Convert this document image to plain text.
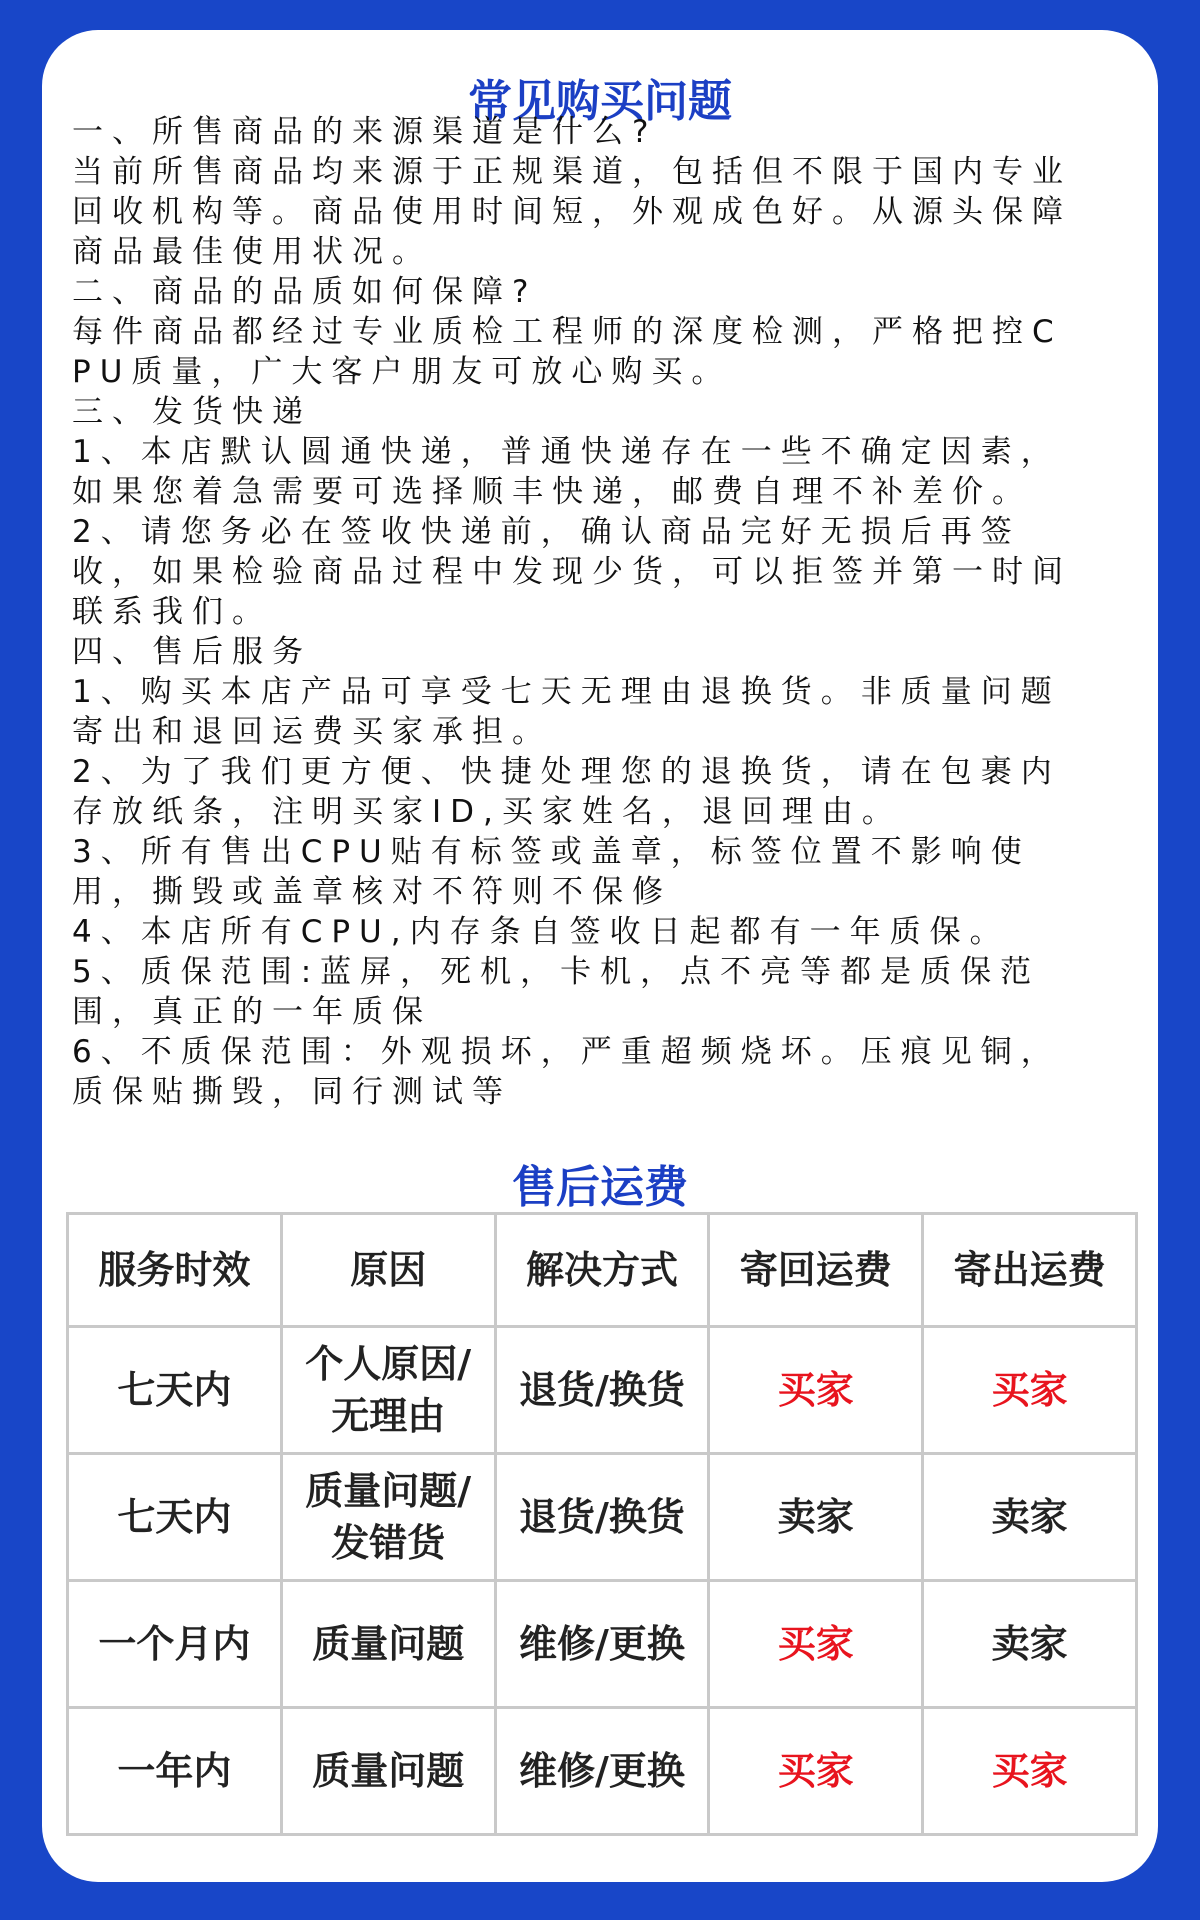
常见购买问题

一、所售商品的来源渠道是什么?

当前所售商品均来源于正规渠道，包括但不限于国内专业

回收机构等。商品使用时间短，外观成色好。从源头保障

商品最佳使用状况。

二、商品的品质如何保障?

每件商品都经过专业质检工程师的深度检测，严格把控C

PU质量，广大客户朋友可放心购买。

三、发货快递

1、本店默认圆通快递，普通快递存在一些不确定因素，

如果您着急需要可选择顺丰快递，邮费自理不补差价。

2、请您务必在签收快递前，确认商品完好无损后再签

收，如果检验商品过程中发现少货，可以拒签并第一时间

联系我们。

四、售后服务

1、购买本店产品可享受七天无理由退换货。非质量问题

寄出和退回运费买家承担。

2、为了我们更方便、快捷处理您的退换货，请在包裹内

存放纸条，注明买家ID,买家姓名，退回理由。

3、所有售出CPU贴有标签或盖章，标签位置不影响使

用，撕毁或盖章核对不符则不保修

4、本店所有CPU,内存条自签收日起都有一年质保。

5、质保范围:蓝屏，死机，卡机，点不亮等都是质保范

围，真正的一年质保

6、不质保范围：外观损坏，严重超频烧坏。压痕见铜，

质保贴撕毁，同行测试等

售后运费
服务时效	原因	解决方式	寄回运费	寄出运费
七天内	个人原因/无理由	退货/换货	买家	买家
七天内	质量问题/发错货	退货/换货	卖家	卖家
一个月内	质量问题	维修/更换	买家	卖家
一年内	质量问题	维修/更换	买家	买家
